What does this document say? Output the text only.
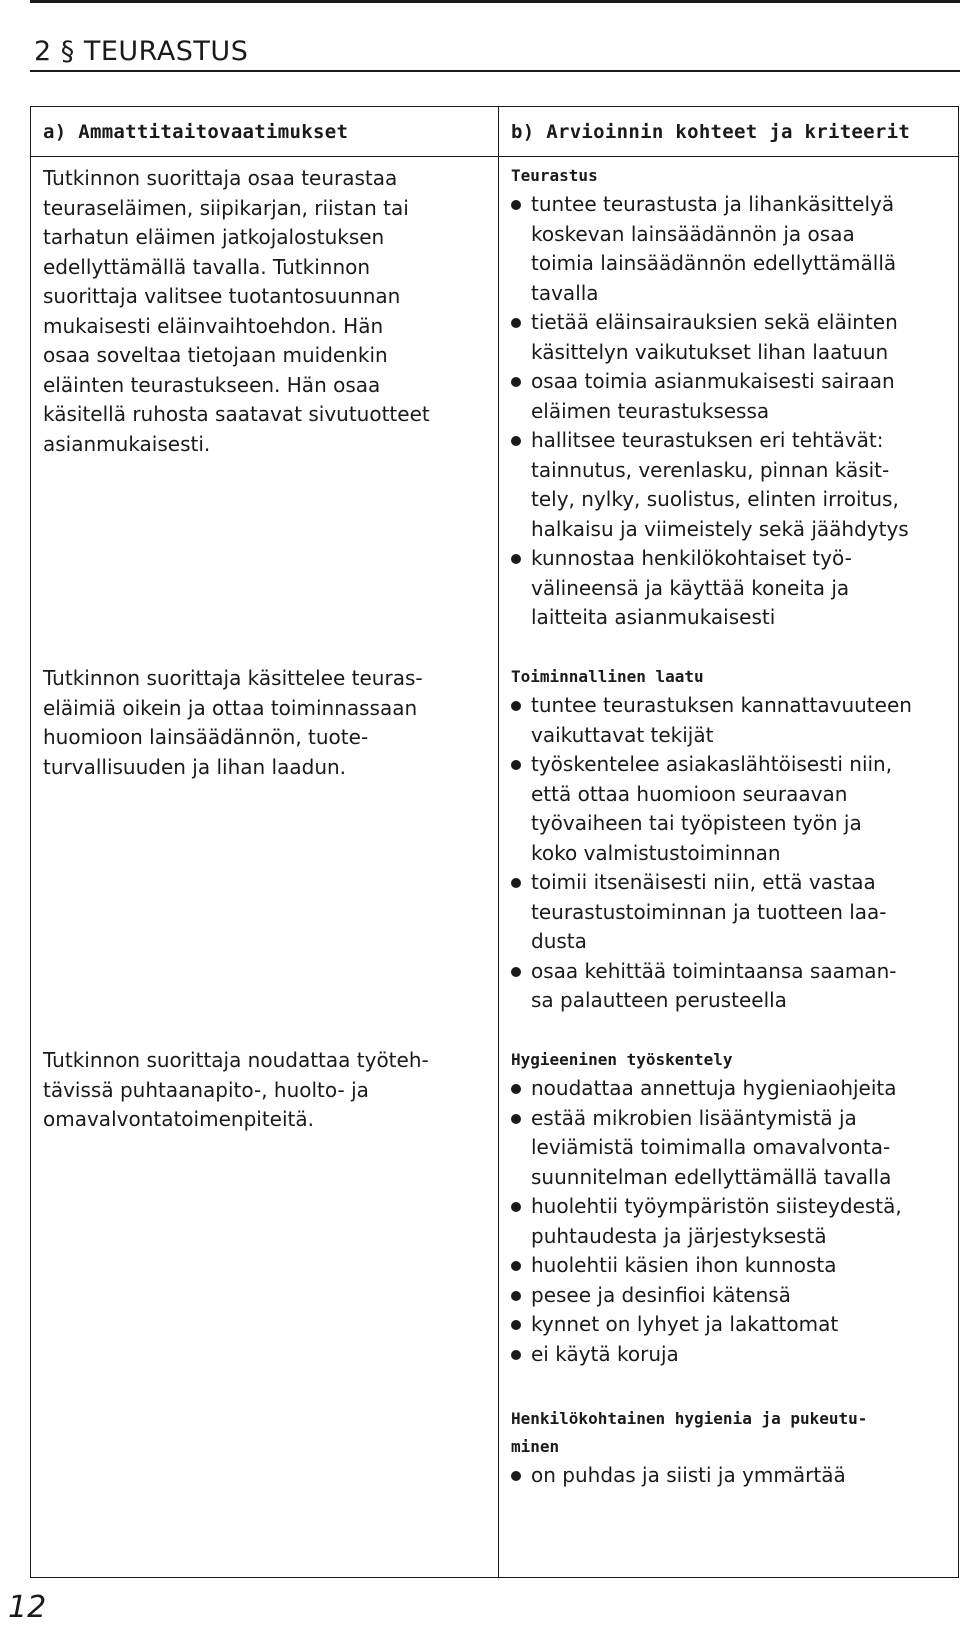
2 § TEURASTUS
a) Ammattitaitovaatimukset	b) Arvioinnin kohteet ja kriteerit
Tutkinnon suorittaja osaa teurastaa
teuraseläimen, siipikarjan, riistan tai
tarhatun eläimen jatkojalostuksen
edellyttämällä tavalla. Tutkinnon
suorittaja valitsee tuotantosuunnan
mukaisesti eläinvaihtoehdon. Hän
osaa soveltaa tietojaan muidenkin
eläinten teurastukseen. Hän osaa
käsitellä ruhosta saatavat sivutuotteet
asianmukaisesti.
Tutkinnon suorittaja käsittelee teuras-
eläimiä oikein ja ottaa toiminnassaan
huomioon lainsäädännön, tuote-
turvallisuuden ja lihan laadun.
Tutkinnon suorittaja noudattaa työteh-
tävissä puhtaanapito-, huolto- ja
omavalvontatoimenpiteitä.
Teurastus
tuntee teurastusta ja lihankäsittelyä
koskevan lainsäädännön ja osaa
toimia lainsäädännön edellyttämällä
tavalla
tietää eläinsairauksien sekä eläinten
käsittelyn vaikutukset lihan laatuun
osaa toimia asianmukaisesti sairaan
eläimen teurastuksessa
hallitsee teurastuksen eri tehtävät:
tainnutus, verenlasku, pinnan käsit-
tely, nylky, suolistus, elinten irroitus,
halkaisu ja viimeistely sekä jäähdytys
kunnostaa henkilökohtaiset työ-
välineensä ja käyttää koneita ja
laitteita asianmukaisesti
Toiminnallinen laatu
tuntee teurastuksen kannattavuuteen
vaikuttavat tekijät
työskentelee asiakaslähtöisesti niin,
että ottaa huomioon seuraavan
työvaiheen tai työpisteen työn ja
koko valmistustoiminnan
toimii itsenäisesti niin, että vastaa
teurastustoiminnan ja tuotteen laa-
dusta
osaa kehittää toimintaansa saaman-
sa palautteen perusteella
Hygieeninen työskentely
noudattaa annettuja hygieniaohjeita
estää mikrobien lisääntymistä ja
leviämistä toimimalla omavalvonta-
suunnitelman edellyttämällä tavalla
huolehtii työympäristön siisteydestä,
puhtaudesta ja järjestyksestä
huolehtii käsien ihon kunnosta
pesee ja desinfioi kätensä
kynnet on lyhyet ja lakattomat
ei käytä koruja
Henkilökohtainen hygienia ja pukeutu-
minen
on puhdas ja siisti ja ymmärtää
12
